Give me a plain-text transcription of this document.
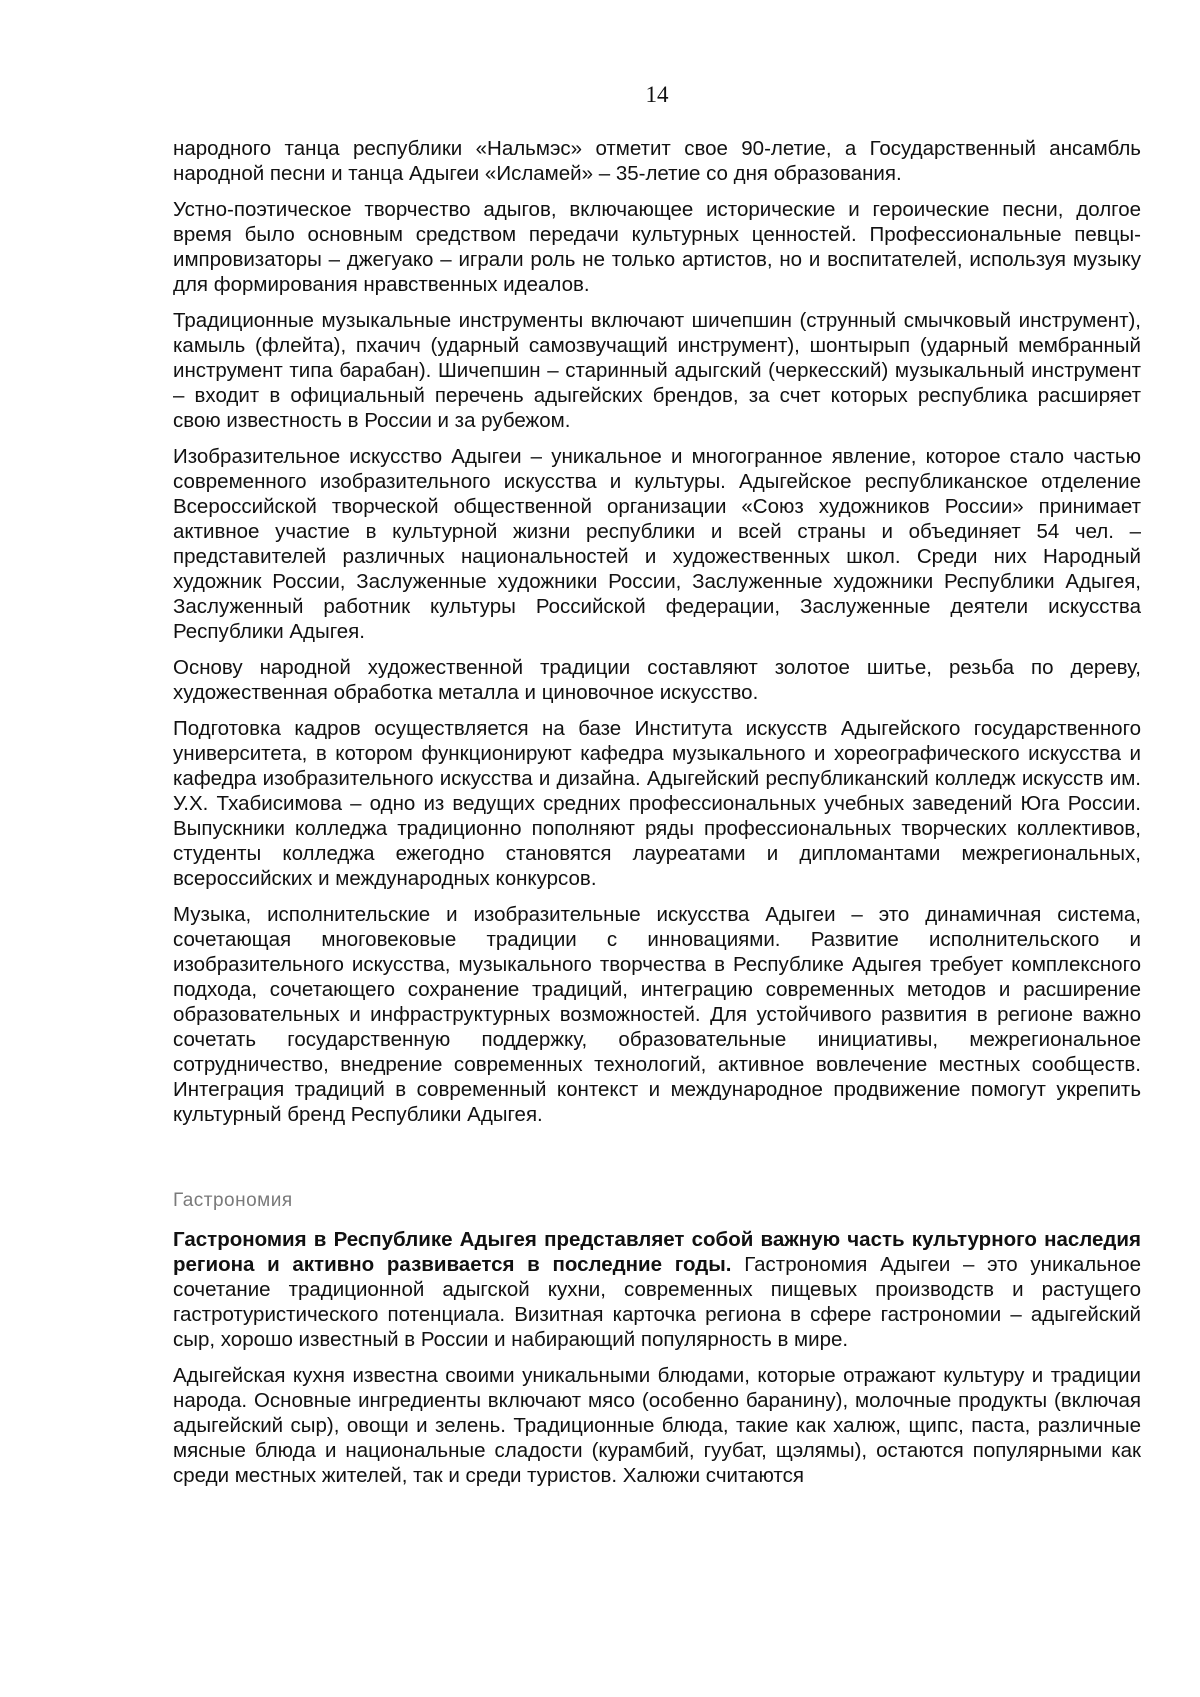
14

народного танца республики «Нальмэс» отметит свое 90-летие, а Государственный ансамбль народной песни и танца Адыгеи «Исламей» – 35-летие со дня образования.

Устно-поэтическое творчество адыгов, включающее исторические и героические песни, долгое время было основным средством передачи культурных ценностей. Профессиональные певцы-импровизаторы – джегуако – играли роль не только артистов, но и воспитателей, используя музыку для формирования нравственных идеалов.

Традиционные музыкальные инструменты включают шичепшин (струнный смычковый инструмент), камыль (флейта), пхачич (ударный самозвучащий инструмент), шонтырып (ударный мембранный инструмент типа барабан). Шичепшин – старинный адыгский (черкесский) музыкальный инструмент – входит в официальный перечень адыгейских брендов, за счет которых республика расширяет свою известность в России и за рубежом.

Изобразительное искусство Адыгеи – уникальное и многогранное явление, которое стало частью современного изобразительного искусства и культуры. Адыгейское республиканское отделение Всероссийской творческой общественной организации «Союз художников России» принимает активное участие в культурной жизни республики и всей страны и объединяет 54 чел. – представителей различных национальностей и художественных школ. Среди них Народный художник России, Заслуженные художники России, Заслуженные художники Республики Адыгея, Заслуженный работник культуры Российской федерации, Заслуженные деятели искусства Республики Адыгея.

Основу народной художественной традиции составляют золотое шитье, резьба по дереву, художественная обработка металла и циновочное искусство.

Подготовка кадров осуществляется на базе Института искусств Адыгейского государственного университета, в котором функционируют кафедра музыкального и хореографического искусства и кафедра изобразительного искусства и дизайна. Адыгейский республиканский колледж искусств им. У.Х. Тхабисимова – одно из ведущих средних профессиональных учебных заведений Юга России. Выпускники колледжа традиционно пополняют ряды профессиональных творческих коллективов, студенты колледжа ежегодно становятся лауреатами и дипломантами межрегиональных, всероссийских и международных конкурсов.

Музыка, исполнительские и изобразительные искусства Адыгеи – это динамичная система, сочетающая многовековые традиции с инновациями. Развитие исполнительского и изобразительного искусства, музыкального творчества в Республике Адыгея требует комплексного подхода, сочетающего сохранение традиций, интеграцию современных методов и расширение образовательных и инфраструктурных возможностей. Для устойчивого развития в регионе важно сочетать государственную поддержку, образовательные инициативы, межрегиональное сотрудничество, внедрение современных технологий, активное вовлечение местных сообществ. Интеграция традиций в современный контекст и международное продвижение помогут укрепить культурный бренд Республики Адыгея.

Гастрономия

Гастрономия в Республике Адыгея представляет собой важную часть культурного наследия региона и активно развивается в последние годы. Гастрономия Адыгеи – это уникальное сочетание традиционной адыгской кухни, современных пищевых производств и растущего гастротуристического потенциала. Визитная карточка региона в сфере гастрономии – адыгейский сыр, хорошо известный в России и набирающий популярность в мире.

Адыгейская кухня известна своими уникальными блюдами, которые отражают культуру и традиции народа. Основные ингредиенты включают мясо (особенно баранину), молочные продукты (включая адыгейский сыр), овощи и зелень. Традиционные блюда, такие как халюж, щипс, паста, различные мясные блюда и национальные сладости (курамбий, гуубат, щэлямы), остаются популярными как среди местных жителей, так и среди туристов. Халюжи считаются
